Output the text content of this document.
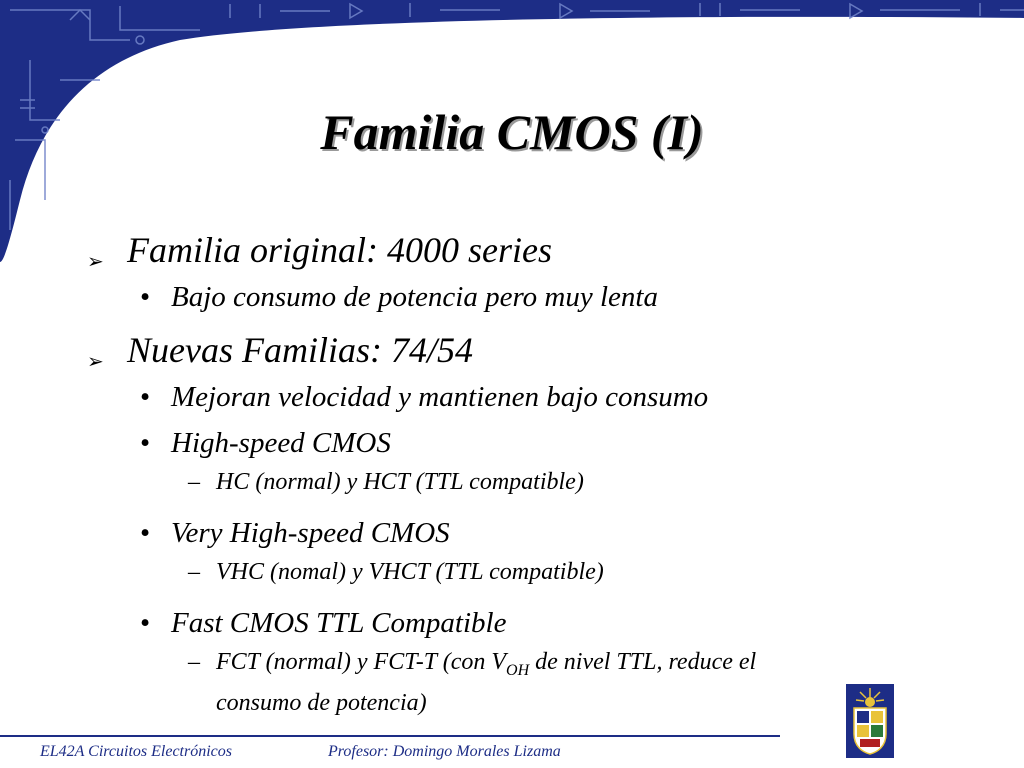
Familia CMOS (I)
➢ Familia original: 4000 series
• Bajo consumo de potencia pero muy lenta
➢ Nuevas Familias: 74/54
• Mejoran velocidad y mantienen bajo consumo
• High-speed CMOS
– HC (normal) y HCT (TTL compatible)
• Very High-speed CMOS
– VHC (nomal) y VHCT (TTL compatible)
• Fast CMOS TTL Compatible
– FCT (normal) y FCT-T (con $V_{OH}$ de nivel TTL, reduce el
consumo de potencia)
EL42A Circuitos Electrónicos	Profesor: Domingo Morales Lizama
